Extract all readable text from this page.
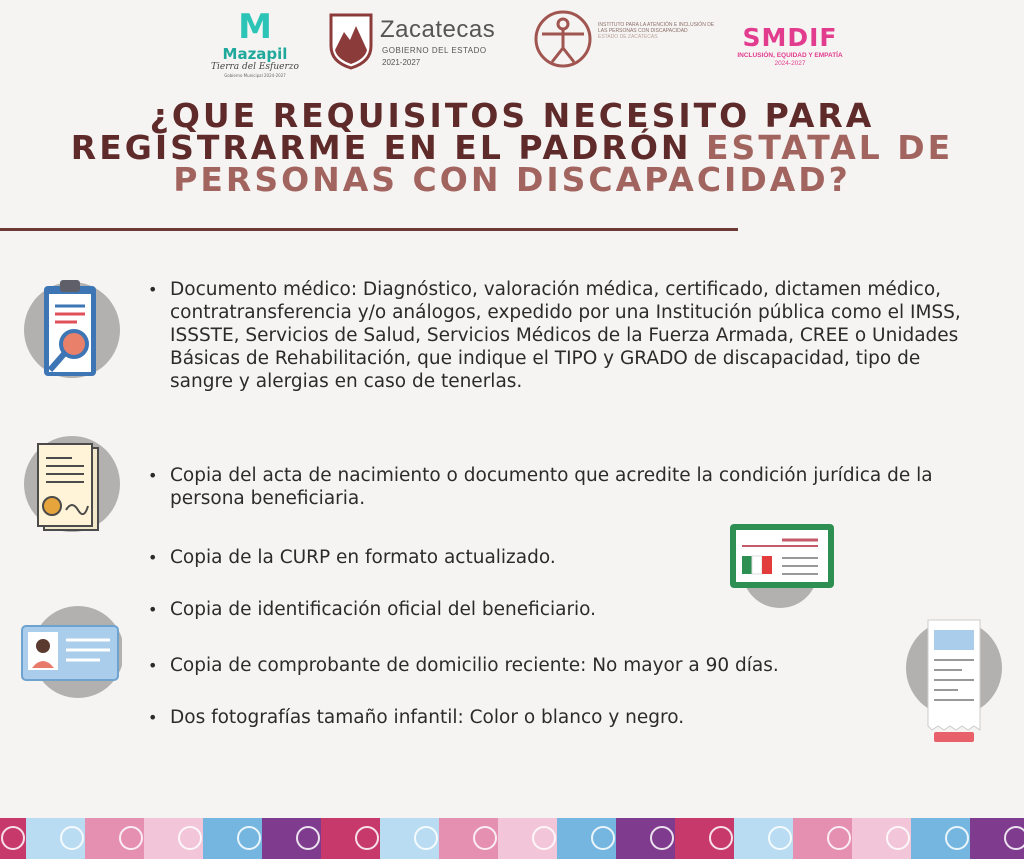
M
Mazapil
Tierra del Esfuerzo
Gobierno Municipal 2024-2027
Zacatecas
GOBIERNO DEL ESTADO
2021-2027
INSTITUTO PARA LA ATENCIÓN E INCLUSIÓN DE LAS PERSONAS CON DISCAPACIDAD
ESTADO DE ZACATECAS	SMDIF
INCLUSIÓN, EQUIDAD Y EMPATÍA
2024-2027
¿QUE REQUISITOS NECESITO PARA
REGISTRARME EN EL PADRÓN ESTATAL DE
PERSONAS CON DISCAPACIDAD?
• Documento médico: Diagnóstico, valoración médica, certificado, dictamen médico, contratransferencia y/o análogos, expedido por una Institución pública como el IMSS, ISSSTE, Servicios de Salud, Servicios Médicos de la Fuerza Armada, CREE o Unidades Básicas de Rehabilitación, que indique el TIPO y GRADO de discapacidad, tipo de sangre y alergias en caso de tenerlas.
• Copia del acta de nacimiento o documento que acredite la condición jurídica de la persona beneficiaria.
• Copia de la CURP en formato actualizado.
• Copia de identificación oficial del beneficiario.
• Copia de comprobante de domicilio reciente: No mayor a 90 días.
• Dos fotografías tamaño infantil: Color o blanco y negro.
